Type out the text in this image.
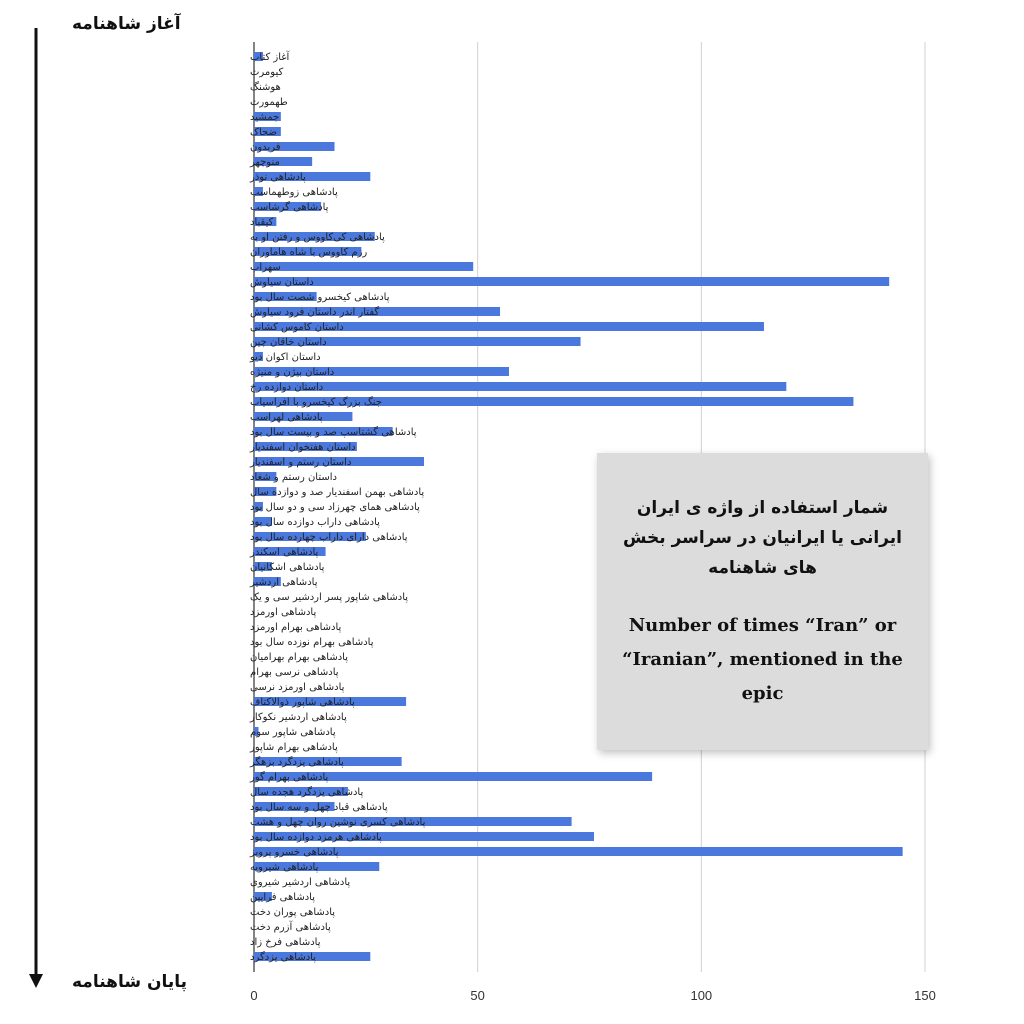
آغاز کتاب
کیومرث
هوشنگ
طهمورث
جمشید
ضحاک
فریدون
منوچهر
پادشاهی نوذر
پادشاهی زوطهماسب
پادشاهی گرشاسب
کیقباد
پادشاهی کی‌کاووس و رفتن او به
رزم کاووس با شاه هاماوران
سهراب
داستان سیاوش
پادشاهی کیخسرو شصت سال بود
گفتار اندر داستان فرود سیاوش
داستان کاموس کشانی
داستان خاقان چین
داستان اکوان دیو
داستان بیژن و منیژه
داستان دوازده رخ
جنگ بزرگ کیخسرو با افراسیاب
پادشاهی لهراسب
پادشاهی گشتاسپ صد و بیست سال بود
داستان هفتخوان اسفندیار
داستان رستم و اسفندیار
داستان رستم و شغاد
پادشاهی بهمن اسفندیار صد و دوازده سال
پادشاهی همای چهرزاد سی و دو سال بود
پادشاهی داراب دوازده سال بود
پادشاهی دارای داراب چهارده سال بود
پادشاهی اسکندر
پادشاهی اشکانیان
پادشاهی اردشیر
پادشاهی شاپور پسر اردشیر سی و یک
پادشاهی اورمزد
پادشاهی بهرام اورمزد
پادشاهی بهرام نوزده سال بود
پادشاهی بهرام بهرامیان
پادشاهی نرسی بهرام
پادشاهی اورمزد نرسی
پادشاهی شاپور ذوالاکتاف
پادشاهی اردشیر نکوکار
پادشاهی شاپور سوم
پادشاهی بهرام شاپور
پادشاهی یزدگرد بزهگر
پادشاهی بهرام گور
پادشاهی یزدگرد هجده سال
پادشاهی قباد چهل و سه سال بود
پادشاهی کسری نوشین روان چهل و هشت
پادشاهی هرمزد دوازده سال بود
پادشاهی خسرو پرویز
پادشاهی شیرویه
پادشاهی اردشیر شیروی
پادشاهی فرایین
پادشاهی پوران دخت
پادشاهی آزرم دخت
پادشاهی فرخ زاد
پادشاهی یزدگرد
0	50	100	150
آغاز شاهنامه
پایان شاهنامه
شمار استفاده از واژه ی ایران ایرانی یا ایرانیان در سراسر بخش های شاهنامه
Number of times “Iran” or “Iranian”, mentioned in the epic
